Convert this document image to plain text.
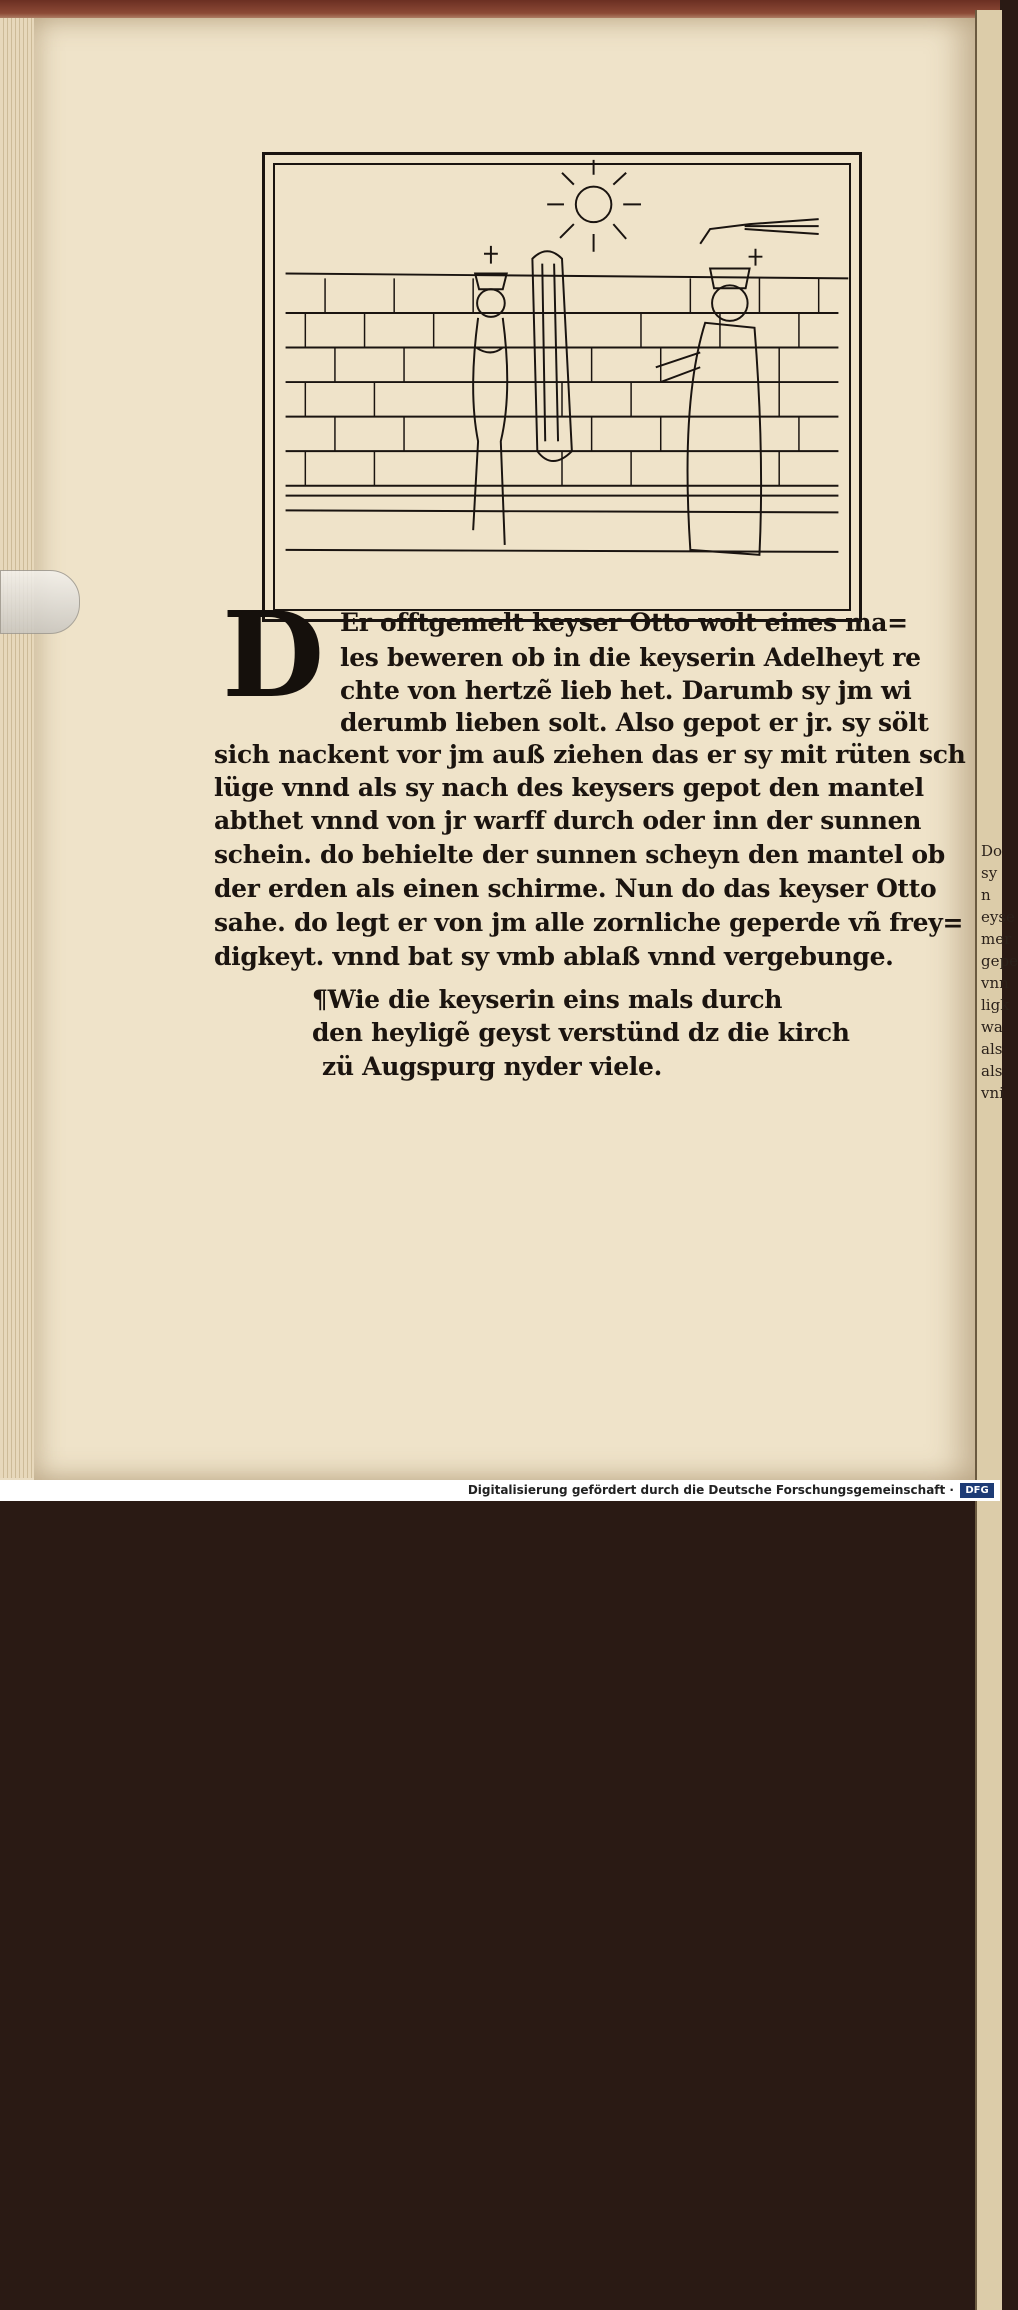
Do
sy n
eyse
mer
gepe
vnn
ligk
wa
als
als
vni

D Er offtgemelt keyser Otto wolt eines ma=
les beweren ob in die keyserin Adelheyt re
chte von hertzẽ lieb het. Darumb sy jm wi
derumb lieben solt. Also gepot er jr. sy sölt
sich nackent vor jm auß ziehen das er sy mit rüten sch
lüge vnnd als sy nach des keysers gepot den mantel
abthet vnnd von jr warff durch oder inn der sunnen
schein. do behielte der sunnen scheyn den mantel ob
der erden als einen schirme. Nun do das keyser Otto
sahe. do legt er von jm alle zornliche geperde vñ frey=
digkeyt. vnnd bat sy vmb ablaß vnnd vergebunge.
¶Wie die keyserin eins mals durch
den heyligẽ geyst verstünd dz die kirch
zü Augspurg nyder viele.
Digitalisierung gefördert durch die Deutsche Forschungsgemeinschaft ·	DFG
